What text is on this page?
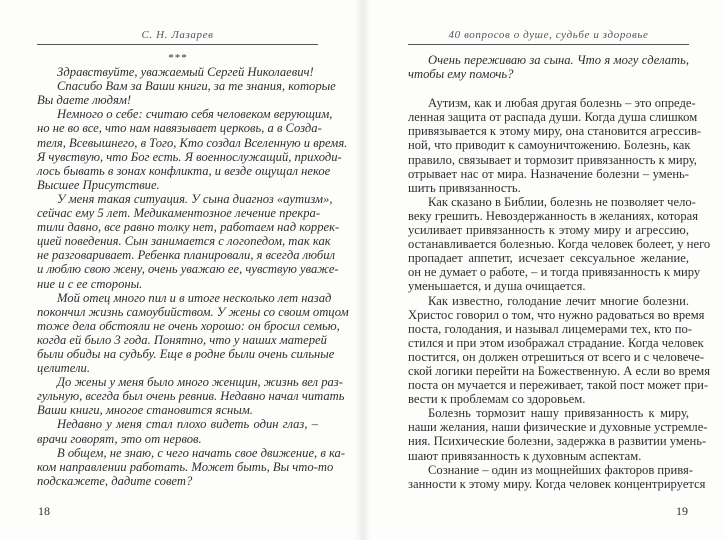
С. Н. Лазарев
***
Здравствуйте, уважаемый Сергей Николаевич!
Спасибо Вам за Ваши книги, за те знания, которые
Вы даете людям!
Немного о себе: считаю себя человеком верующим,
но не во все, что нам навязывает церковь, а в Созда-
теля, Всевышнего, в Того, Кто создал Вселенную и время.
Я чувствую, что Бог есть. Я военнослужащий, приходи-
лось бывать в зонах конфликта, и везде ощущал некое
Высшее Присутствие.
У меня такая ситуация. У сына диагноз «аутизм»,
сейчас ему 5 лет. Медикаментозное лечение прекра-
тили давно, все равно толку нет, работаем над коррек-
цией поведения. Сын занимается с логопедом, так как
не разговаривает. Ребенка планировали, я всегда любил
и люблю свою жену, очень уважаю ее, чувствую уваже-
ние и с ее стороны.
Мой отец много пил и в итоге несколько лет назад
покончил жизнь самоубийством. У жены со своим отцом
тоже дела обстояли не очень хорошо: он бросил семью,
когда ей было 3 года. Понятно, что у наших матерей
были обиды на судьбу. Еще в родне были очень сильные
целители.
До жены у меня было много женщин, жизнь вел раз-
гульную, всегда был очень ревнив. Недавно начал читать
Ваши книги, многое становится ясным.
Недавно у меня стал плохо видеть один глаз, –
врачи говорят, это от нервов.
В общем, не знаю, с чего начать свое движение, в ка-
ком направлении работать. Может быть, Вы что-то
подскажете, дадите совет?
18
40 вопросов о душе, судьбе и здоровье
Очень переживаю за сына. Что я могу сделать,
чтобы ему помочь?
Аутизм, как и любая другая болезнь – это опреде-
ленная защита от распада души. Когда душа слишком
привязывается к этому миру, она становится агрессив-
ной, что приводит к самоуничтожению. Болезнь, как
правило, связывает и тормозит привязанность к миру,
отрывает нас от мира. Назначение болезни – умень-
шить привязанность.
Как сказано в Библии, болезнь не позволяет чело-
веку грешить. Невоздержанность в желаниях, которая
усиливает привязанность к этому миру и агрессию,
останавливается болезнью. Когда человек болеет, у него
пропадает аппетит, исчезает сексуальное желание,
он не думает о работе, – и тогда привязанность к миру
уменьшается, и душа очищается.
Как известно, голодание лечит многие болезни.
Христос говорил о том, что нужно радоваться во время
поста, голодания, и называл лицемерами тех, кто по-
стился и при этом изображал страдание. Когда человек
постится, он должен отрешиться от всего и с человече-
ской логики перейти на Божественную. А если во время
поста он мучается и переживает, такой пост может при-
вести к проблемам со здоровьем.
Болезнь тормозит нашу привязанность к миру,
наши желания, наши физические и духовные устремле-
ния. Психические болезни, задержка в развитии умень-
шают привязанность к духовным аспектам.
Сознание – один из мощнейших факторов привя-
занности к этому миру. Когда человек концентрируется
19
